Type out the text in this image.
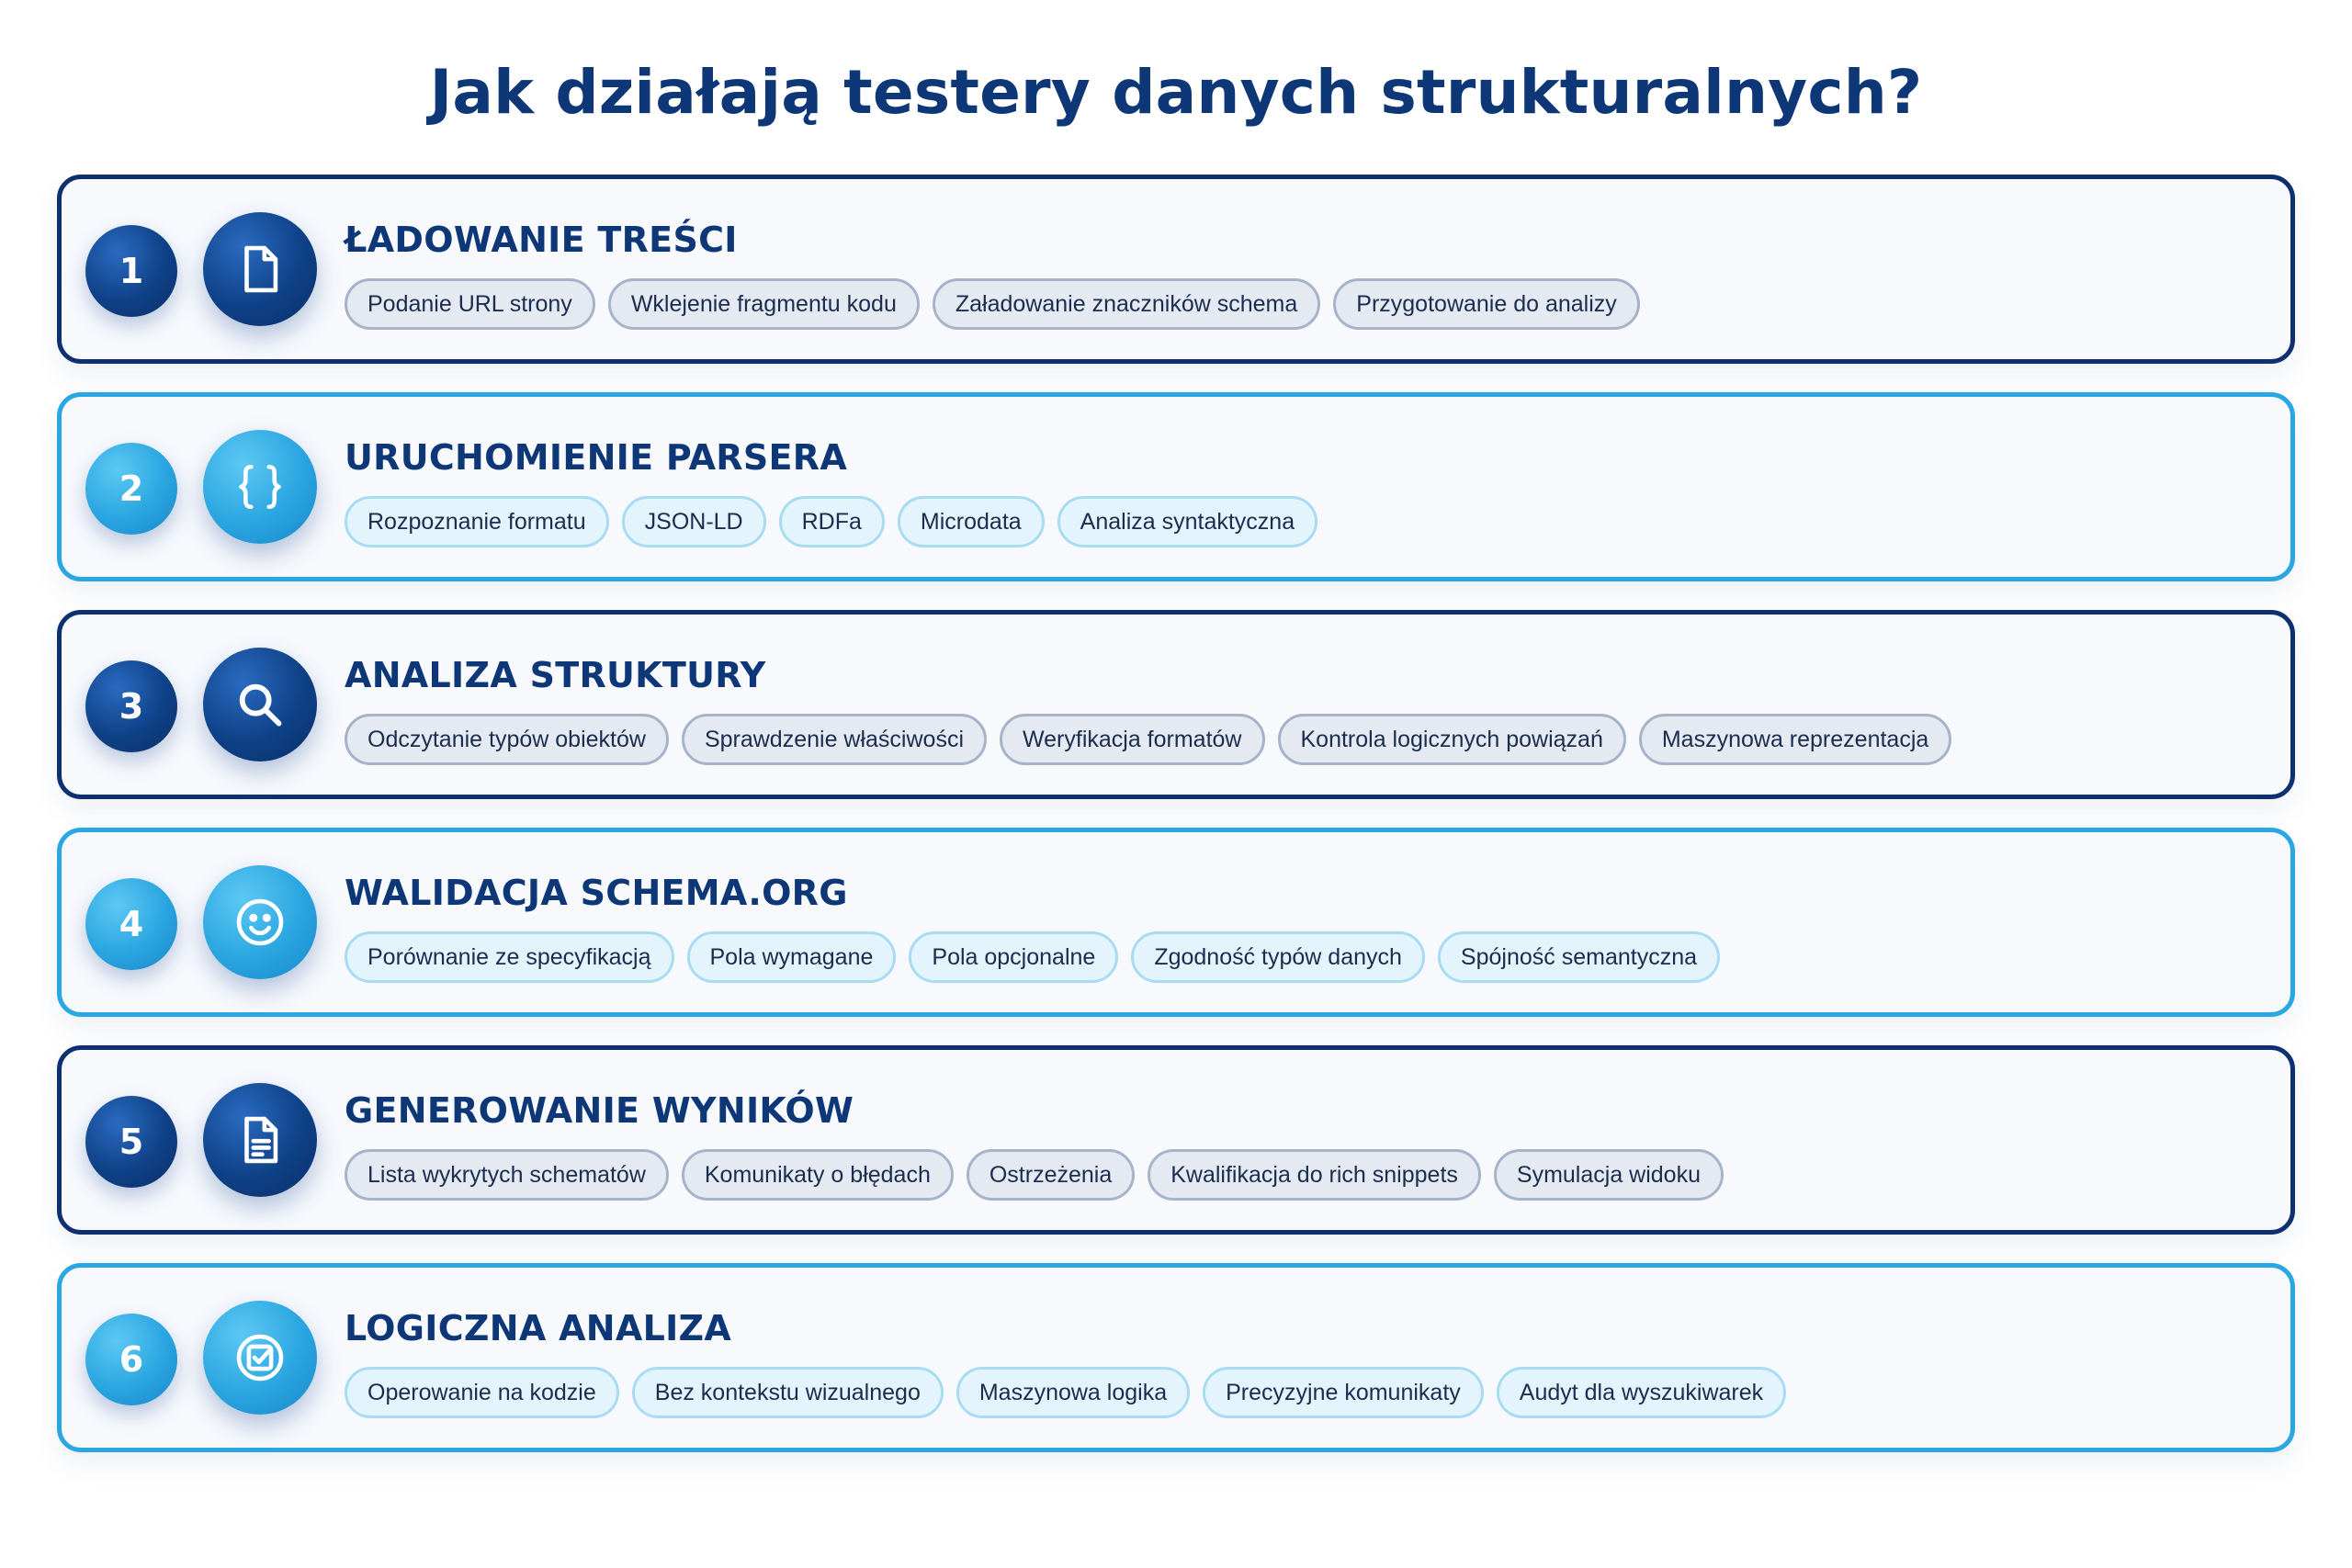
Jak działają testery danych strukturalnych?
1
ŁADOWANIE TREŚCI
Podanie URL strony	Wklejenie fragmentu kodu	Załadowanie znaczników schema	Przygotowanie do analizy
2
URUCHOMIENIE PARSERA
Rozpoznanie formatu	JSON-LD	RDFa	Microdata	Analiza syntaktyczna
3
ANALIZA STRUKTURY
Odczytanie typów obiektów	Sprawdzenie właściwości	Weryfikacja formatów	Kontrola logicznych powiązań	Maszynowa reprezentacja
4
WALIDACJA SCHEMA.ORG
Porównanie ze specyfikacją	Pola wymagane	Pola opcjonalne	Zgodność typów danych	Spójność semantyczna
5
GENEROWANIE WYNIKÓW
Lista wykrytych schematów	Komunikaty o błędach	Ostrzeżenia	Kwalifikacja do rich snippets	Symulacja widoku
6
LOGICZNA ANALIZA
Operowanie na kodzie	Bez kontekstu wizualnego	Maszynowa logika	Precyzyjne komunikaty	Audyt dla wyszukiwarek
